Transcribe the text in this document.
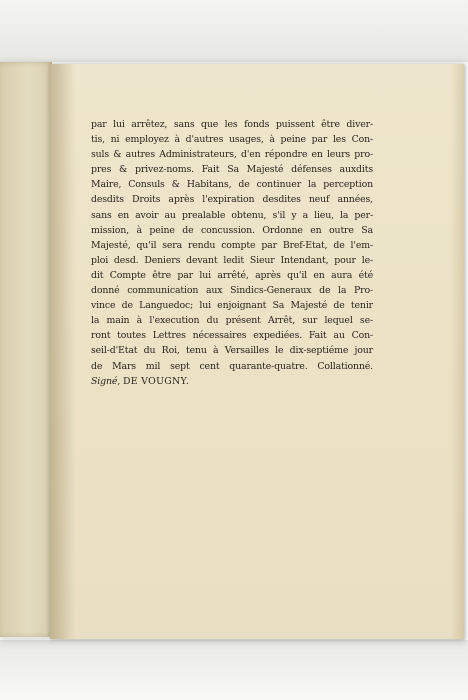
par lui arrêtez, sans que les fonds puissent être diver-
tis, ni employez à d'autres usages, à peine par les Con-
suls & autres Administrateurs, d'en répondre en leurs pro-
pres & privez-noms. Fait Sa Majesté défenses auxdits
Maire, Consuls & Habitans, de continuer la perception
desdits Droits après l'expiration desdites neuf années,
sans en avoir au prealable obtenu, s'il y a lieu, la per-
mission, à peine de concussion. Ordonne en outre Sa
Majesté, qu'il sera rendu compte par Bref-Etat, de l'em-
ploi desd. Deniers devant ledit Sieur Intendant, pour le-
dit Compte être par lui arrêté, après qu'il en aura été
donné communication aux Sindics-Generaux de la Pro-
vince de Languedoc; lui enjoignant Sa Majesté de tenir
la main à l'execution du présent Arrêt, sur lequel se-
ront toutes Lettres nécessaires expediées. Fait au Con-
seil-d'Etat du Roi, tenu à Versailles le dix-septiéme jour
de Mars mil sept cent quarante-quatre. Collationné.
Signé, DE VOUGNY.
